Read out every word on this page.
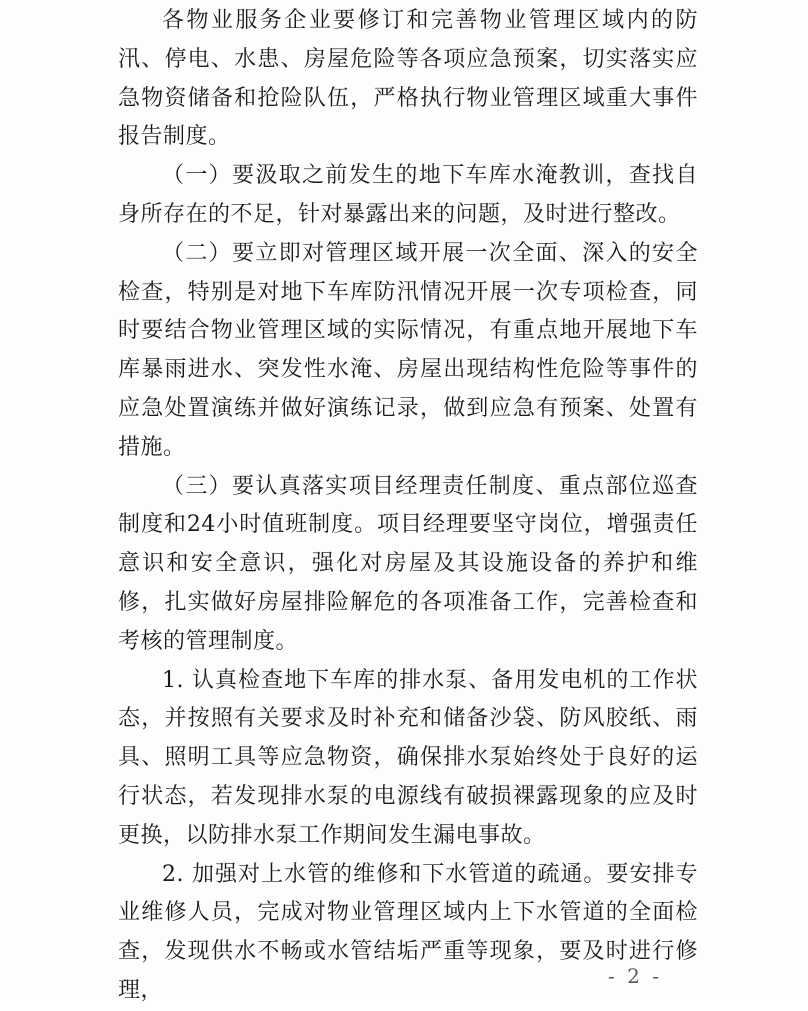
各物业服务企业要修订和完善物业管理区域内的防汛、停电、水患、房屋危险等各项应急预案，切实落实应急物资储备和抢险队伍，严格执行物业管理区域重大事件报告制度。

（一）要汲取之前发生的地下车库水淹教训，查找自身所存在的不足，针对暴露出来的问题，及时进行整改。

（二）要立即对管理区域开展一次全面、深入的安全检查，特别是对地下车库防汛情况开展一次专项检查，同时要结合物业管理区域的实际情况，有重点地开展地下车库暴雨进水、突发性水淹、房屋出现结构性危险等事件的应急处置演练并做好演练记录，做到应急有预案、处置有措施。

（三）要认真落实项目经理责任制度、重点部位巡查制度和24小时值班制度。项目经理要坚守岗位，增强责任意识和安全意识，强化对房屋及其设施设备的养护和维修，扎实做好房屋排险解危的各项准备工作，完善检查和考核的管理制度。

1. 认真检查地下车库的排水泵、备用发电机的工作状态，并按照有关要求及时补充和储备沙袋、防风胶纸、雨具、照明工具等应急物资，确保排水泵始终处于良好的运行状态，若发现排水泵的电源线有破损裸露现象的应及时更换，以防排水泵工作期间发生漏电事故。

2. 加强对上水管的维修和下水管道的疏通。要安排专业维修人员，完成对物业管理区域内上下水管道的全面检查，发现供水不畅或水管结垢严重等现象，要及时进行修理，

- 2 -
